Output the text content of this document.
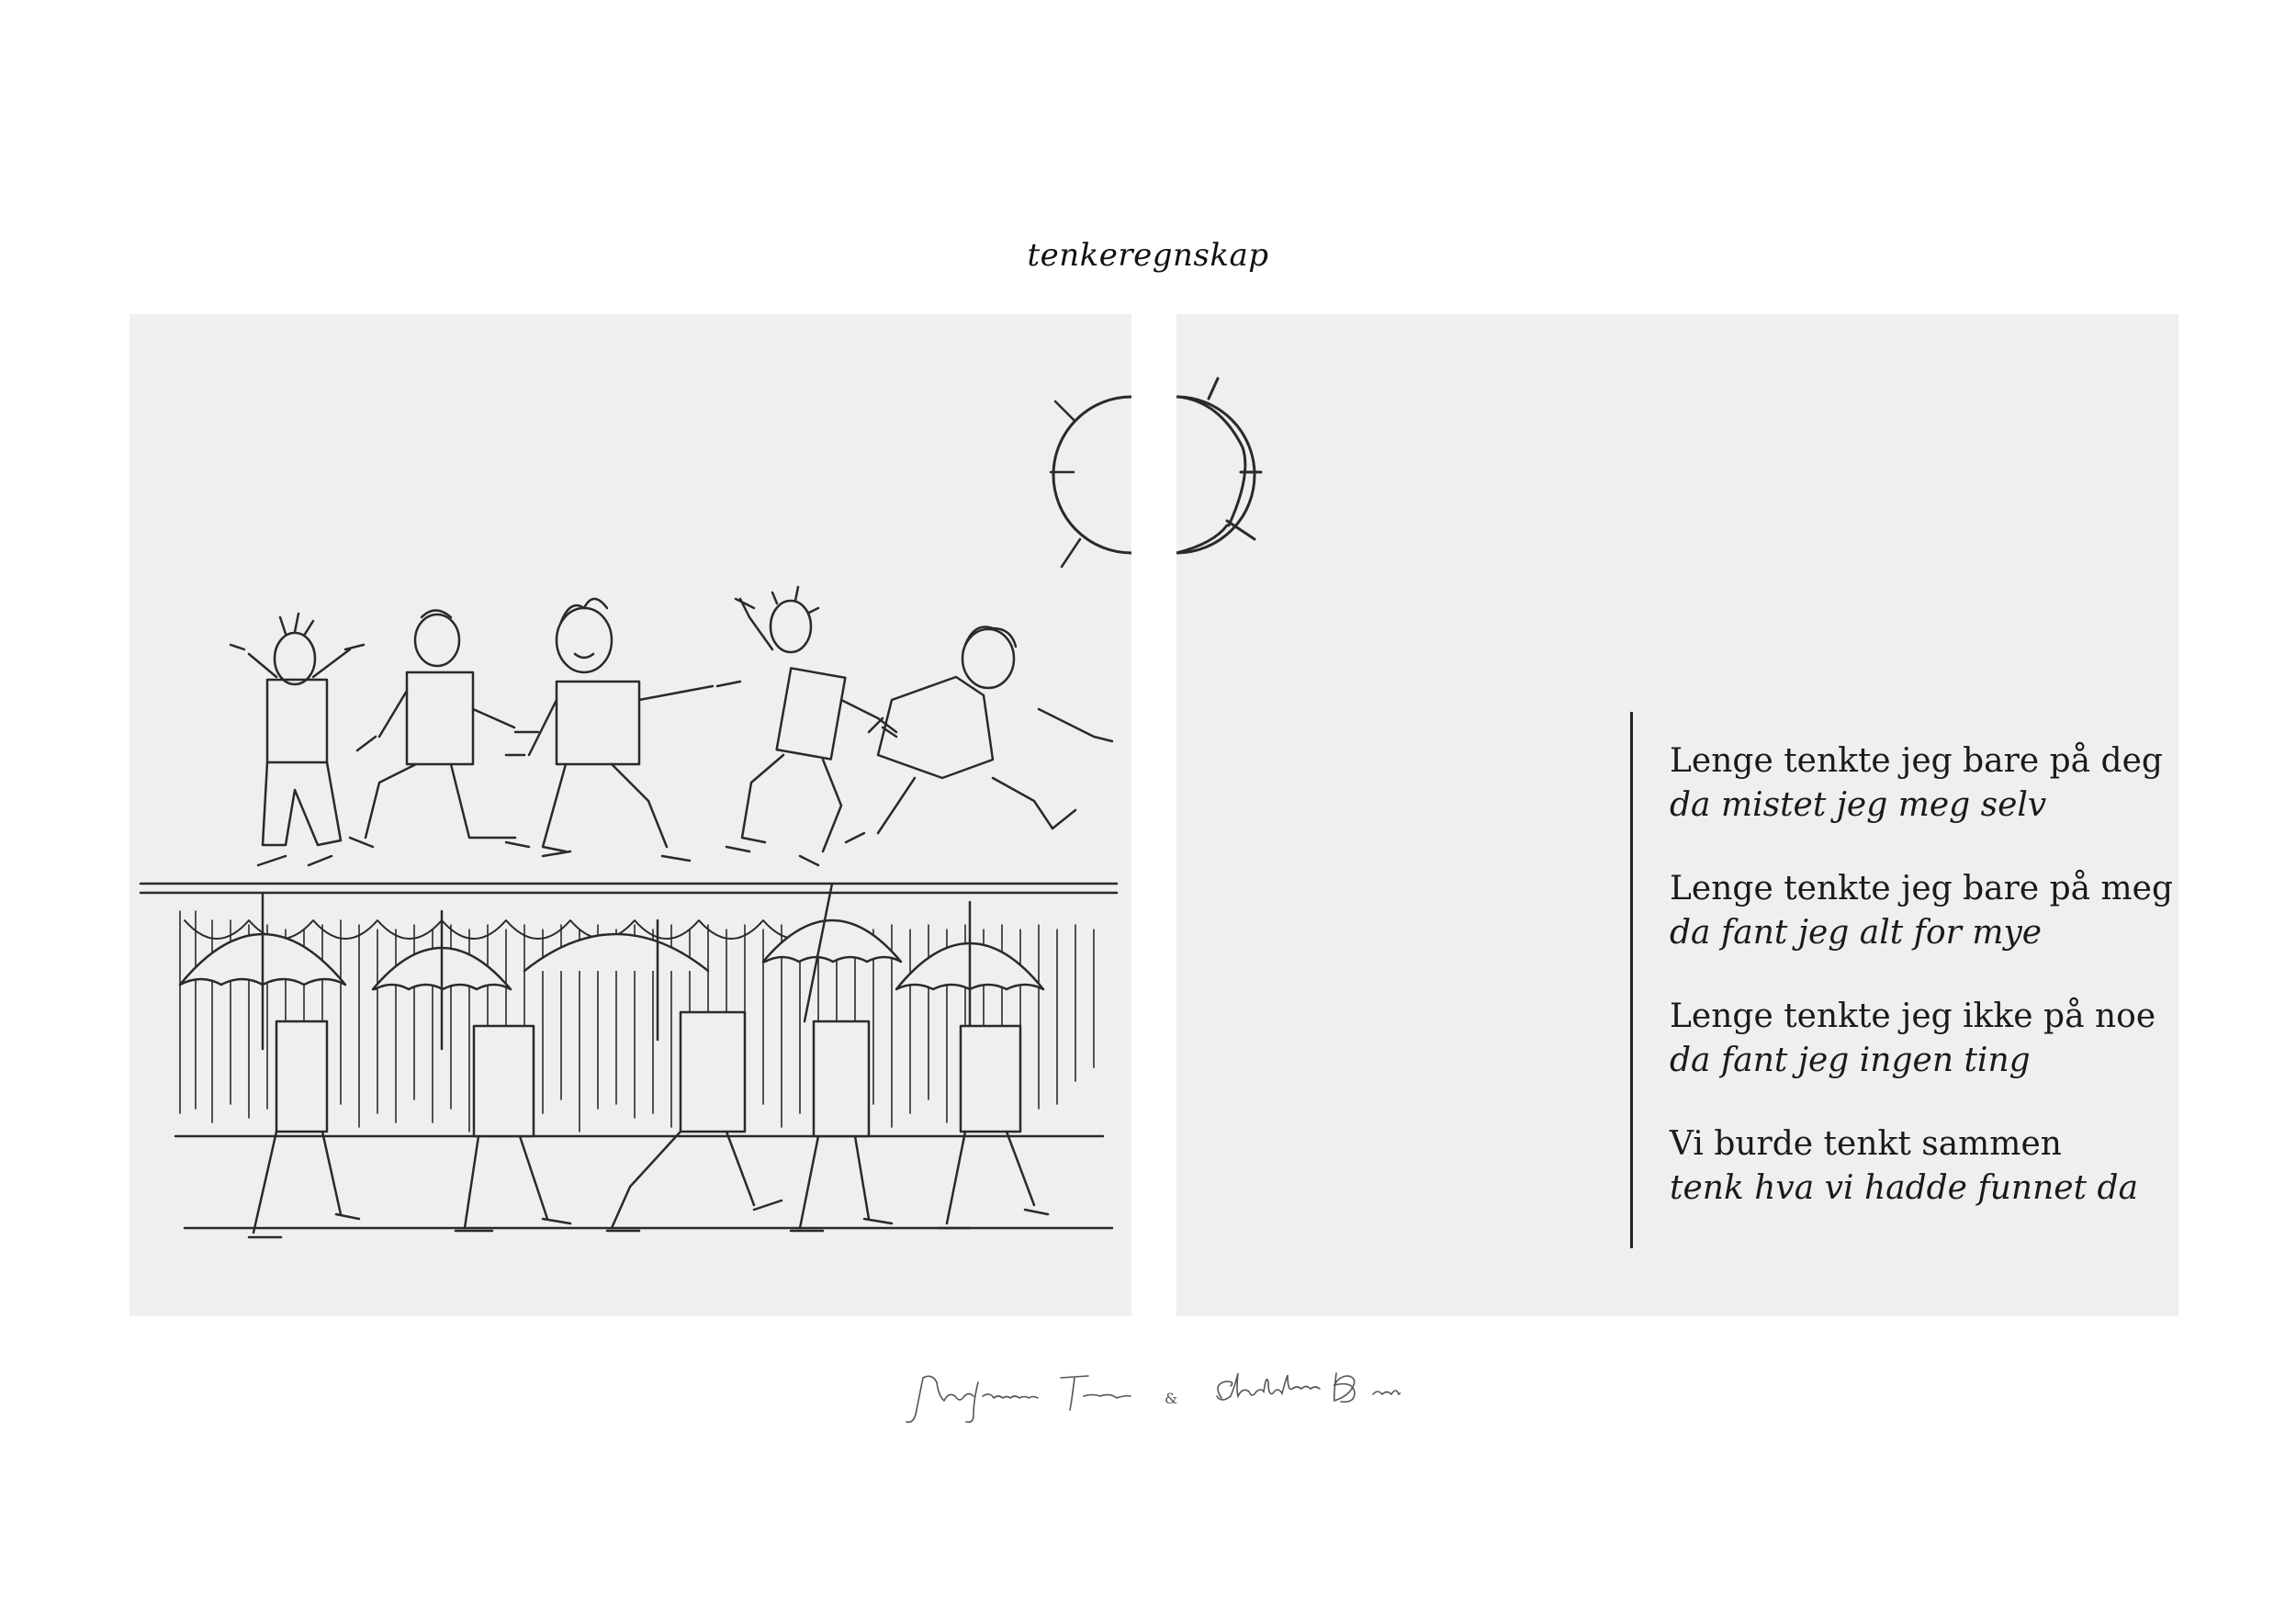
tenkeregnskap
Lenge tenkte jeg bare på deg
da mistet jeg meg selv
Lenge tenkte jeg bare på meg
da fant jeg alt for mye
Lenge tenkte jeg ikke på noe
da fant jeg ingen ting
Vi burde tenkt sammen
tenk hva vi hadde funnet da
&
